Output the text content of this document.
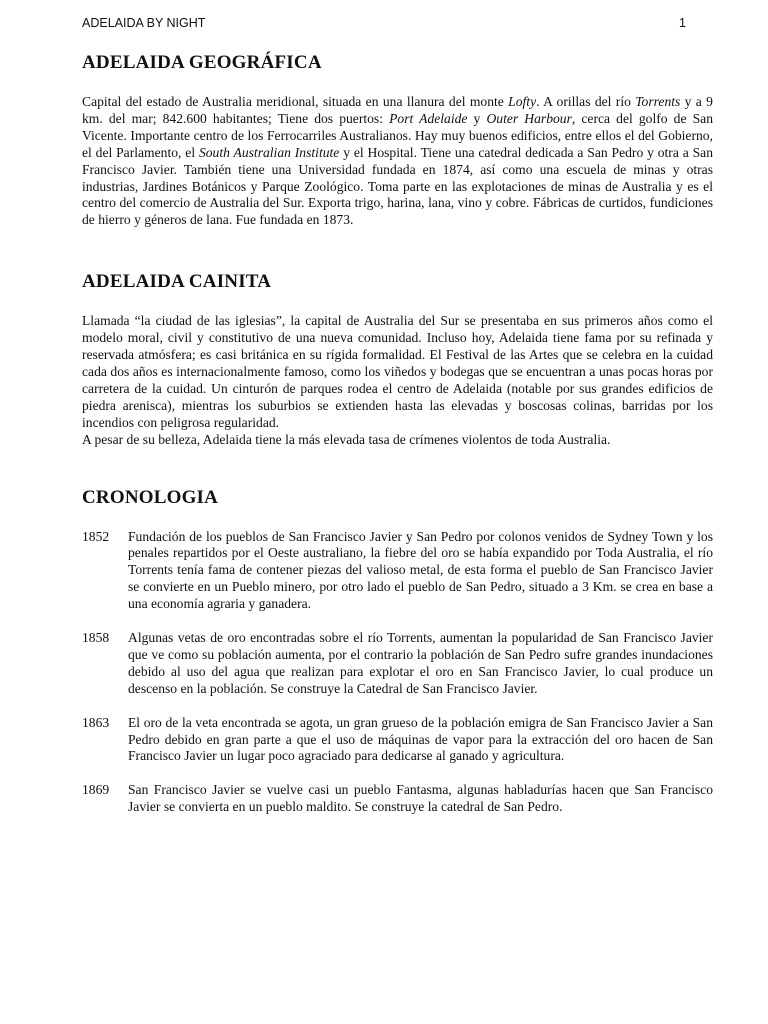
ADELAIDA BY NIGHT	1
ADELAIDA GEOGRÁFICA

Capital del estado de Australia meridional, situada en una llanura del monte Lofty. A orillas del río Torrents y a 9 km. del mar; 842.600 habitantes; Tiene dos puertos: Port Adelaide y Outer Harbour, cerca del golfo de San Vicente. Importante centro de los Ferrocarriles Australianos. Hay muy buenos edificios, entre ellos el del Gobierno, el del Parlamento, el South Australian Institute y el Hospital. Tiene una catedral dedicada a San Pedro y otra a San Francisco Javier. También tiene una Universidad fundada en 1874, así como una escuela de minas y otras industrias, Jardines Botánicos y Parque Zoológico. Toma parte en las explotaciones de minas de Australia y es el centro del comercio de Australia del Sur. Exporta trigo, harina, lana, vino y cobre. Fábricas de curtidos, fundiciones de hierro y géneros de lana. Fue fundada en 1873.

ADELAIDA CAINITA

Llamada “la ciudad de las iglesias”, la capital de Australia del Sur se presentaba en sus primeros años como el modelo moral, civil y constitutivo de una nueva comunidad. Incluso hoy, Adelaida tiene fama por su refinada y reservada atmósfera; es casi británica en su rígida formalidad. El Festival de las Artes que se celebra en la cuidad cada dos años es internacionalmente famoso, como los viñedos y bodegas que se encuentran a unas pocas horas por carretera de la cuidad. Un cinturón de parques rodea el centro de Adelaida (notable por sus grandes edificios de piedra arenisca), mientras los suburbios se extienden hasta las elevadas y boscosas colinas, barridas por los incendios con peligrosa regularidad.

A pesar de su belleza, Adelaida tiene la más elevada tasa de crímenes violentos de toda Australia.

CRONOLOGIA
1852	Fundación de los pueblos de San Francisco Javier y San Pedro por colonos venidos de Sydney Town y los penales repartidos por el Oeste australiano, la fiebre del oro se había expandido por Toda Australia, el río Torrents tenía fama de contener piezas del valioso metal, de esta forma el pueblo de San Francisco Javier se convierte en un Pueblo minero, por otro lado el pueblo de San Pedro, situado a 3 Km. se crea en base a una economía agraria y ganadera.
1858	Algunas vetas de oro encontradas sobre el río Torrents, aumentan la popularidad de San Francisco Javier que ve como su población aumenta, por el contrario la población de San Pedro sufre grandes inundaciones debido al uso del agua que realizan para explotar el oro en San Francisco Javier, lo cual produce un descenso en la población. Se construye la Catedral de San Francisco Javier.
1863	El oro de la veta encontrada se agota, un gran grueso de la población emigra de San Francisco Javier a San Pedro debido en gran parte a que el uso de máquinas de vapor para la extracción del oro hacen de San Francisco Javier un lugar poco agraciado para dedicarse al ganado y agricultura.
1869	San Francisco Javier se vuelve casi un pueblo Fantasma, algunas habladurías hacen que San Francisco Javier se convierta en un pueblo maldito. Se construye la catedral de San Pedro.
